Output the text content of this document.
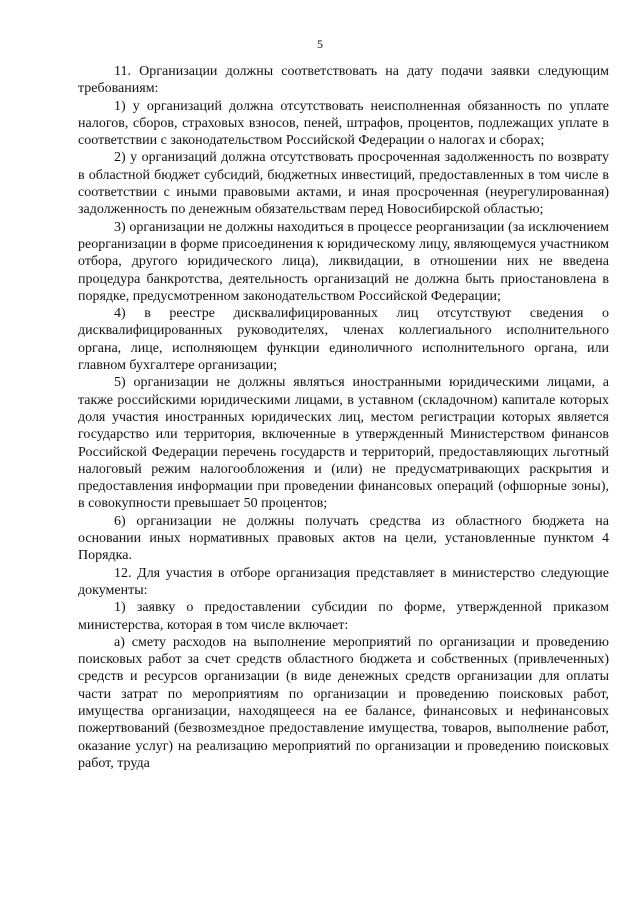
5

11. Организации должны соответствовать на дату подачи заявки следующим требованиям:

1) у организаций должна отсутствовать неисполненная обязанность по уплате налогов, сборов, страховых взносов, пеней, штрафов, процентов, подлежащих уплате в соответствии с законодательством Российской Федерации о налогах и сборах;

2) у организаций должна отсутствовать просроченная задолженность по возврату в областной бюджет субсидий, бюджетных инвестиций, предоставленных в том числе в соответствии с иными правовыми актами, и иная просроченная (неурегулированная) задолженность по денежным обязательствам перед Новосибирской областью;

3) организации не должны находиться в процессе реорганизации (за исключением реорганизации в форме присоединения к юридическому лицу, являющемуся участником отбора, другого юридического лица), ликвидации, в отношении них не введена процедура банкротства, деятельность организаций не должна быть приостановлена в порядке, предусмотренном законодательством Российской Федерации;

4) в реестре дисквалифицированных лиц отсутствуют сведения о дисквалифицированных руководителях, членах коллегиального исполнительного органа, лице, исполняющем функции единоличного исполнительного органа, или главном бухгалтере организации;

5) организации не должны являться иностранными юридическими лицами, а также российскими юридическими лицами, в уставном (складочном) капитале которых доля участия иностранных юридических лиц, местом регистрации которых является государство или территория, включенные в утвержденный Министерством финансов Российской Федерации перечень государств и территорий, предоставляющих льготный налоговый режим налогообложения и (или) не предусматривающих раскрытия и предоставления информации при проведении финансовых операций (офшорные зоны), в совокупности превышает 50 процентов;

6) организации не должны получать средства из областного бюджета на основании иных нормативных правовых актов на цели, установленные пунктом 4 Порядка.

12. Для участия в отборе организация представляет в министерство следующие документы:

1) заявку о предоставлении субсидии по форме, утвержденной приказом министерства, которая в том числе включает:

а) смету расходов на выполнение мероприятий по организации и проведению поисковых работ за счет средств областного бюджета и собственных (привлеченных) средств и ресурсов организации (в виде денежных средств организации для оплаты части затрат по мероприятиям по организации и проведению поисковых работ, имущества организации, находящееся на ее балансе, финансовых и нефинансовых пожертвований (безвозмездное предоставление имущества, товаров, выполнение работ, оказание услуг) на реализацию мероприятий по организации и проведению поисковых работ, труда
